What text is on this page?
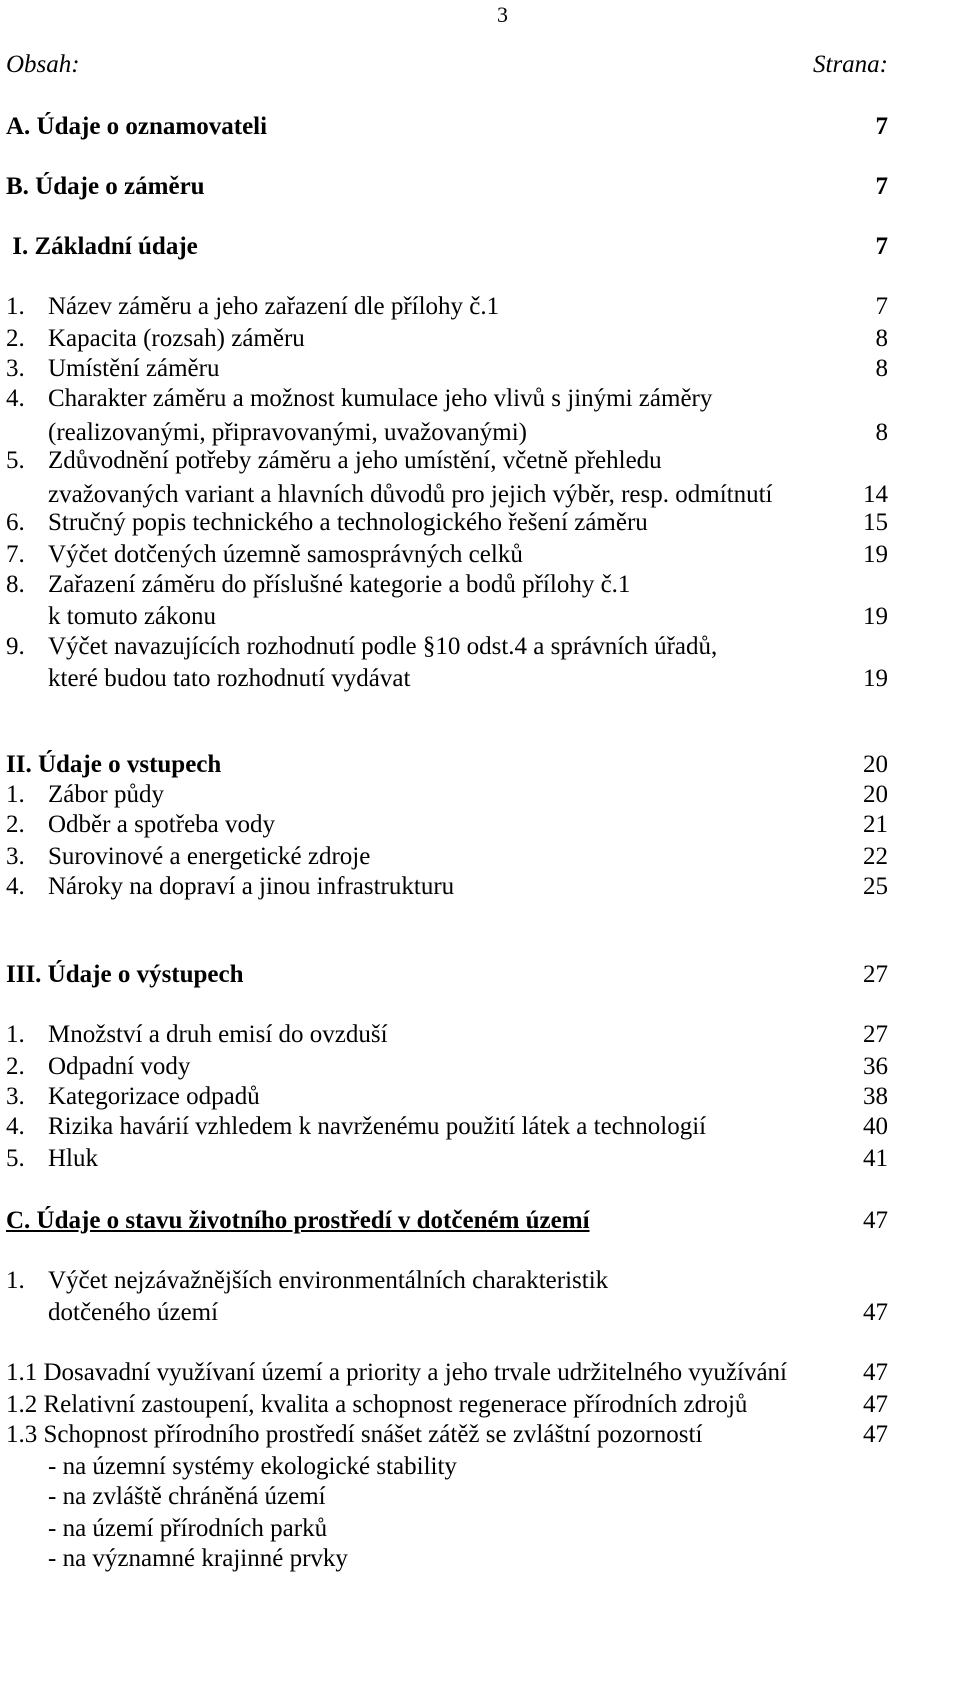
3
Obsah:	Strana:
A. Údaje o oznamovateli	7
B. Údaje o záměru	7
I. Základní údaje	7
1. Název záměru a jeho zařazení dle přílohy č.1	7
2. Kapacita (rozsah) záměru	8
3. Umístění záměru	8
4. Charakter záměru a možnost kumulace jeho vlivů s jinými záměry
(realizovanými, připravovanými, uvažovanými)	8
5. Zdůvodnění potřeby záměru a jeho umístění, včetně přehledu
zvažovaných variant a hlavních důvodů pro jejich výběr, resp. odmítnutí	14
6. Stručný popis technického a technologického řešení záměru	15
7. Výčet dotčených územně samosprávných celků	19
8. Zařazení záměru do příslušné kategorie a bodů přílohy č.1
k tomuto zákonu	19
9. Výčet navazujících rozhodnutí podle §10 odst.4 a správních úřadů,
které budou tato rozhodnutí vydávat	19
II. Údaje o vstupech	20
1. Zábor půdy	20
2. Odběr a spotřeba vody	21
3. Surovinové a energetické zdroje	22
4. Nároky na dopraví a jinou infrastrukturu	25
III. Údaje o výstupech	27
1. Množství a druh emisí do ovzduší	27
2. Odpadní vody	36
3. Kategorizace odpadů	38
4. Rizika havárií vzhledem k navrženému použití látek a technologií	40
5. Hluk	41
C. Údaje o stavu životního prostředí v dotčeném území	47
1. Výčet nejzávažnějších environmentálních charakteristik
dotčeného území	47
1.1 Dosavadní využívaní území a priority a jeho trvale udržitelného využívání	47
1.2 Relativní zastoupení, kvalita a schopnost regenerace přírodních zdrojů	47
1.3 Schopnost přírodního prostředí snášet zátěž se zvláštní pozorností	47
- na územní systémy ekologické stability
- na zvláště chráněná území
- na území přírodních parků
- na významné krajinné prvky
